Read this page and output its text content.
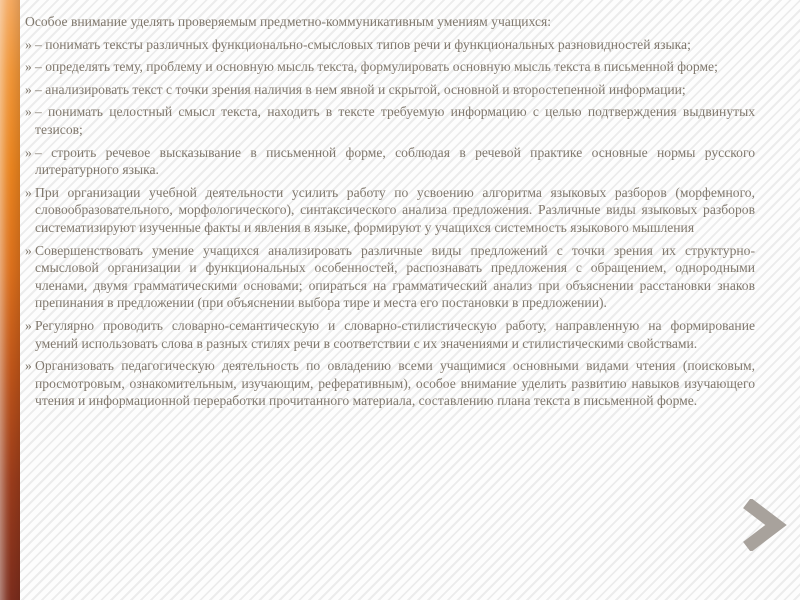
Особое внимание уделять проверяемым предметно-коммуникативным умениям учащихся:

» – понимать тексты различных функционально-смысловых типов речи и функциональных разновидностей языка;
» – определять тему, проблему и основную мысль текста, формулировать основную мысль текста в письменной форме;
» – анализировать текст с точки зрения наличия в нем явной и скрытой, основной и второстепенной информации;
» – понимать целостный смысл текста, находить в тексте требуемую информацию с целью подтверждения выдвинутых тезисов;
» – строить речевое высказывание в письменной форме, соблюдая в речевой практике основные нормы русского литературного языка.
» При организации учебной деятельности усилить работу по усвоению алгоритма языковых разборов (морфемного, словообразовательного, морфологического), синтаксического анализа предложения. Различные виды языковых разборов систематизируют изученные факты и явления в языке, формируют у учащихся системность языкового мышления
» Совершенствовать умение учащихся анализировать различные виды предложений с точки зрения их структурно-смысловой организации и функциональных особенностей, распознавать предложения с обращением, однородными членами, двумя грамматическими основами; опираться на грамматический анализ при объяснении расстановки знаков препинания в предложении (при объяснении выбора тире и места его постановки в предложении).
» Регулярно проводить словарно-семантическую и словарно-стилистическую работу, направленную на формирование умений использовать слова в разных стилях речи в соответствии с их значениями и стилистическими свойствами.
» Организовать педагогическую деятельность по овладению всеми учащимися основными видами чтения (поисковым, просмотровым, ознакомительным, изучающим, реферативным), особое внимание уделить развитию навыков изучающего чтения и информационной переработки прочитанного материала, составлению плана текста в письменной форме.
